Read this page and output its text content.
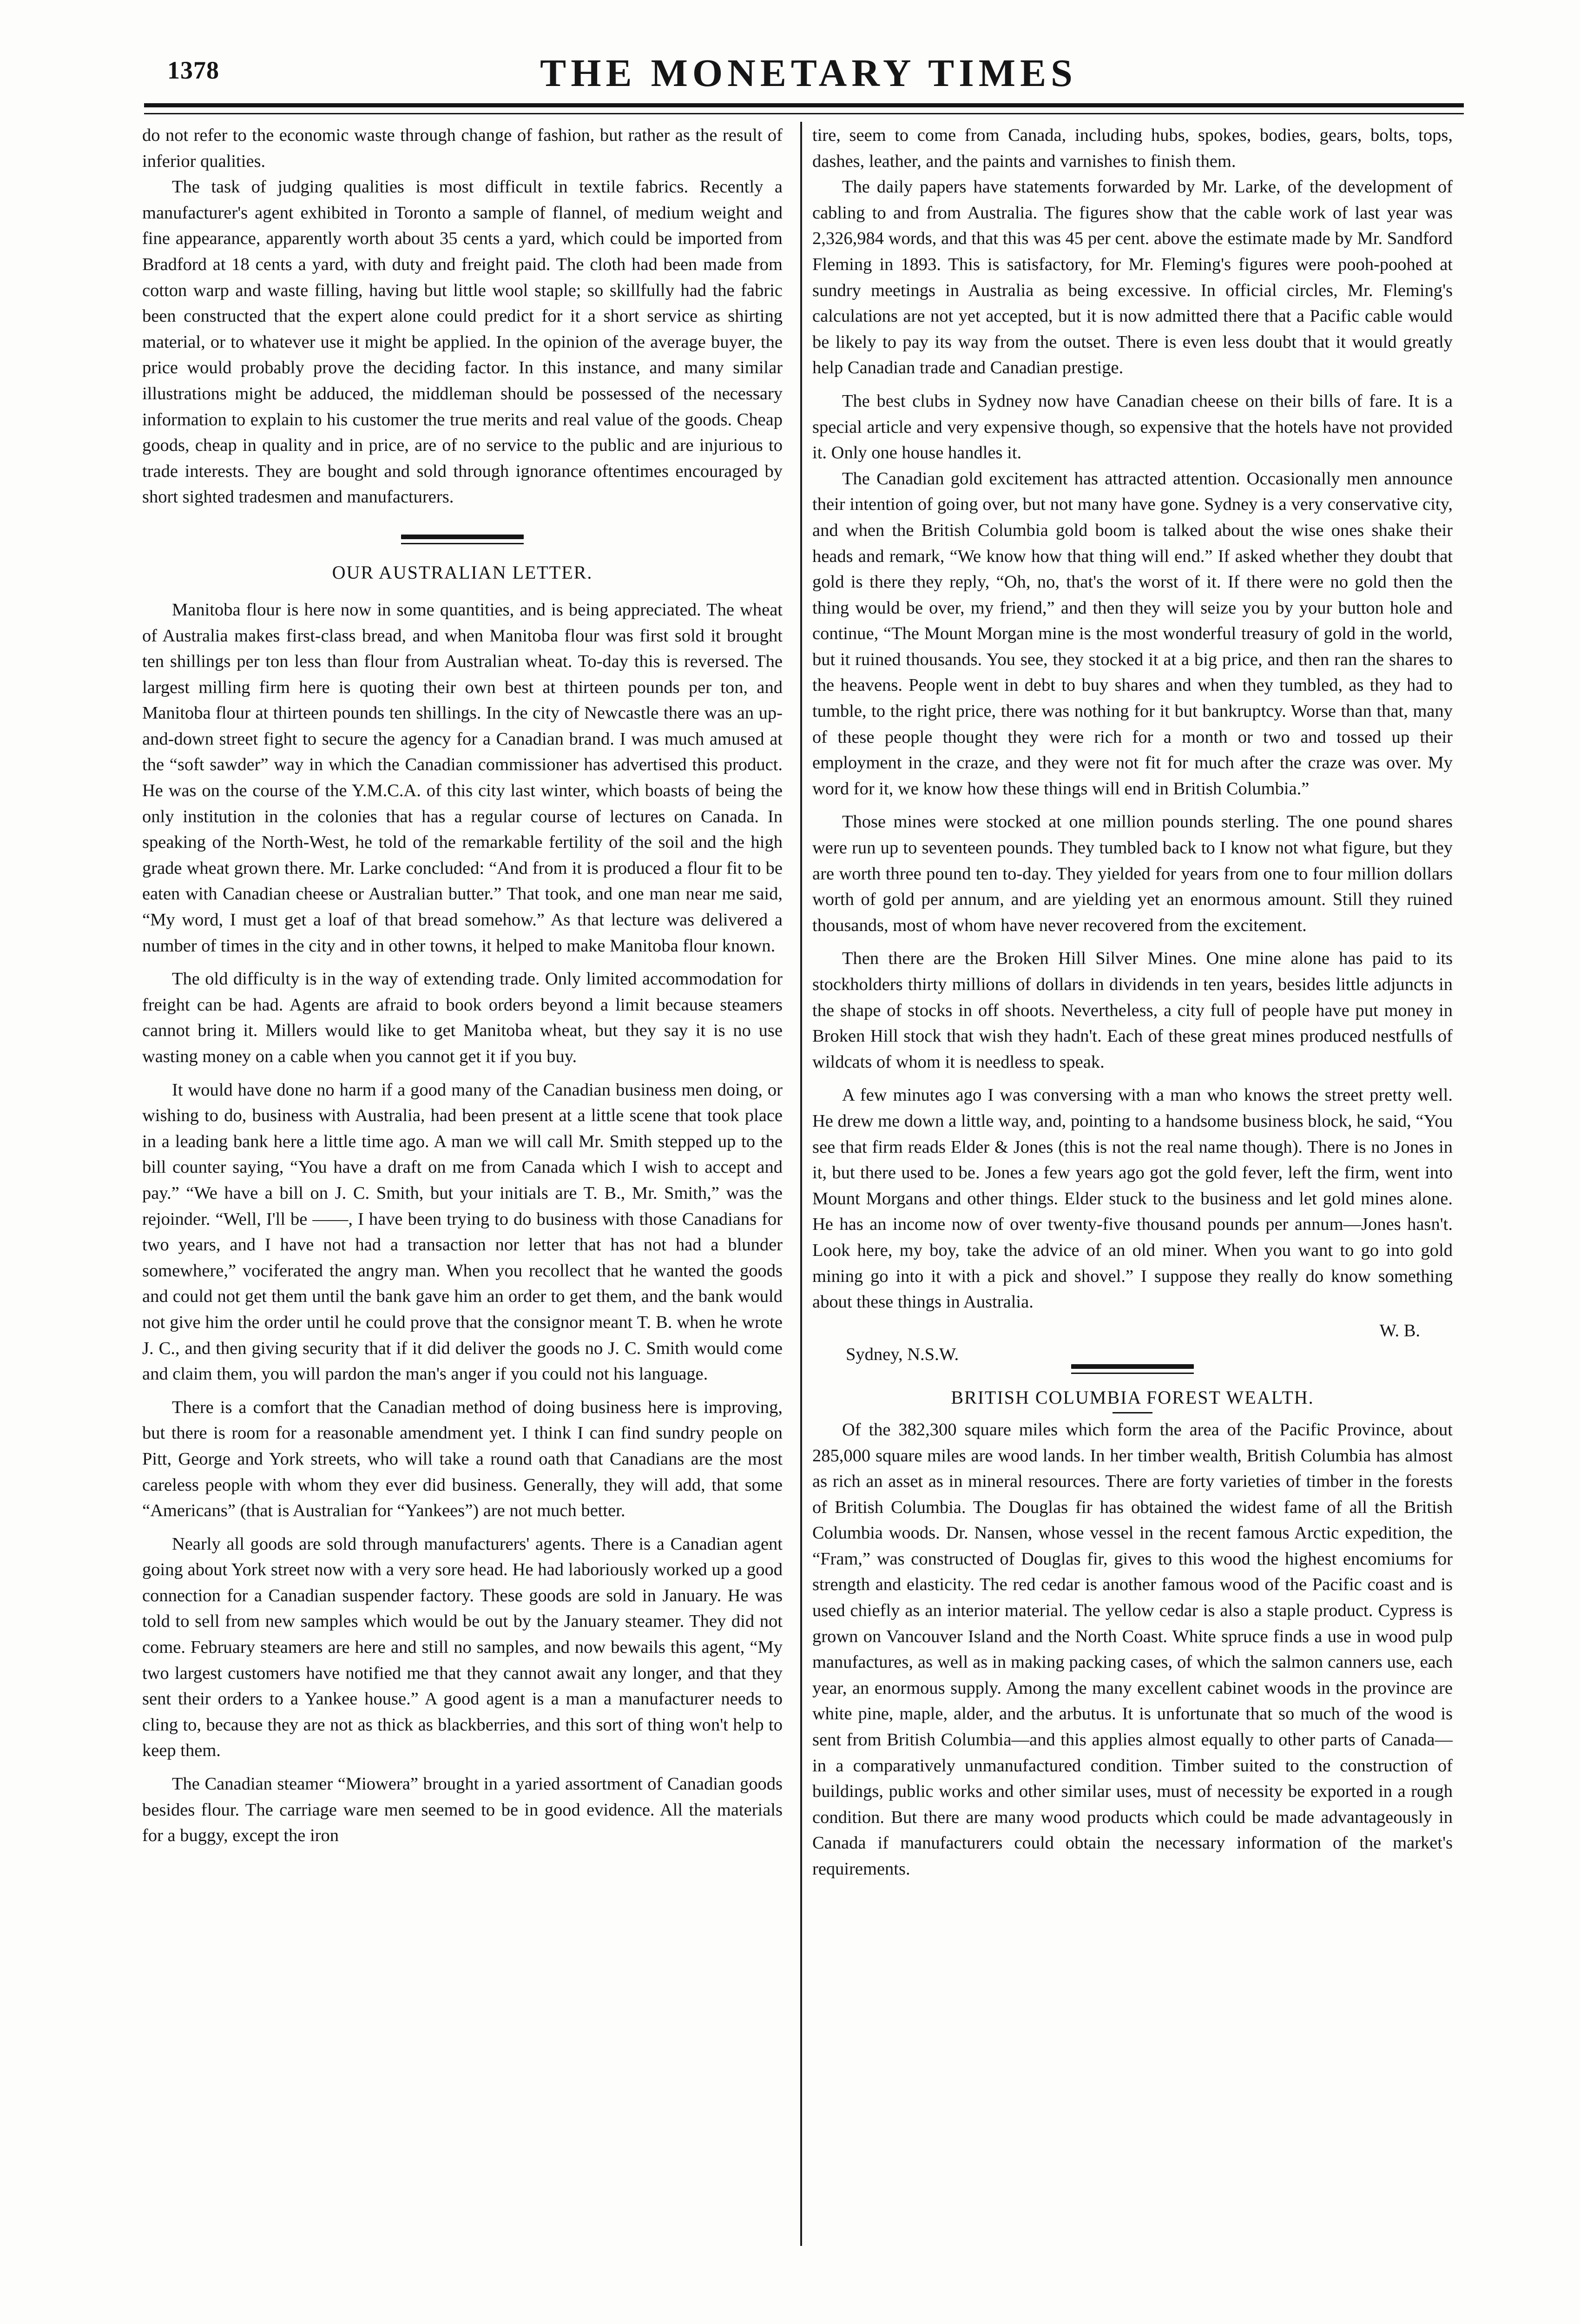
1378	THE MONETARY TIMES

do not refer to the economic waste through change of fashion, but rather as the result of inferior qualities.

The task of judging qualities is most difficult in textile fabrics. Recently a manufacturer's agent exhibited in Toronto a sample of flannel, of medium weight and fine appearance, apparently worth about 35 cents a yard, which could be imported from Bradford at 18 cents a yard, with duty and freight paid. The cloth had been made from cotton warp and waste filling, having but little wool staple; so skillfully had the fabric been constructed that the expert alone could predict for it a short service as shirting material, or to whatever use it might be applied. In the opinion of the average buyer, the price would probably prove the deciding factor. In this instance, and many similar illustrations might be adduced, the middleman should be possessed of the necessary information to explain to his customer the true merits and real value of the goods. Cheap goods, cheap in quality and in price, are of no service to the public and are injurious to trade interests. They are bought and sold through ignorance oftentimes encouraged by short sighted tradesmen and manufacturers.

OUR AUSTRALIAN LETTER.

Manitoba flour is here now in some quantities, and is being appreciated. The wheat of Australia makes first-class bread, and when Manitoba flour was first sold it brought ten shillings per ton less than flour from Australian wheat. To-day this is reversed. The largest milling firm here is quoting their own best at thirteen pounds per ton, and Manitoba flour at thirteen pounds ten shillings. In the city of Newcastle there was an up-and-down street fight to secure the agency for a Canadian brand. I was much amused at the “soft sawder” way in which the Canadian commissioner has advertised this product. He was on the course of the Y.M.C.A. of this city last winter, which boasts of being the only institution in the colonies that has a regular course of lectures on Canada. In speaking of the North-West, he told of the remarkable fertility of the soil and the high grade wheat grown there. Mr. Larke concluded: “And from it is produced a flour fit to be eaten with Canadian cheese or Australian butter.” That took, and one man near me said, “My word, I must get a loaf of that bread somehow.” As that lecture was delivered a number of times in the city and in other towns, it helped to make Manitoba flour known.

The old difficulty is in the way of extending trade. Only limited accommodation for freight can be had. Agents are afraid to book orders beyond a limit because steamers cannot bring it. Millers would like to get Manitoba wheat, but they say it is no use wasting money on a cable when you cannot get it if you buy.

It would have done no harm if a good many of the Canadian business men doing, or wishing to do, business with Australia, had been present at a little scene that took place in a leading bank here a little time ago. A man we will call Mr. Smith stepped up to the bill counter saying, “You have a draft on me from Canada which I wish to accept and pay.” “We have a bill on J. C. Smith, but your initials are T. B., Mr. Smith,” was the rejoinder. “Well, I'll be ——, I have been trying to do business with those Canadians for two years, and I have not had a transaction nor letter that has not had a blunder somewhere,” vociferated the angry man. When you recollect that he wanted the goods and could not get them until the bank gave him an order to get them, and the bank would not give him the order until he could prove that the consignor meant T. B. when he wrote J. C., and then giving security that if it did deliver the goods no J. C. Smith would come and claim them, you will pardon the man's anger if you could not his language.

There is a comfort that the Canadian method of doing business here is improving, but there is room for a reasonable amendment yet. I think I can find sundry people on Pitt, George and York streets, who will take a round oath that Canadians are the most careless people with whom they ever did business. Generally, they will add, that some “Americans” (that is Australian for “Yankees”) are not much better.

Nearly all goods are sold through manufacturers' agents. There is a Canadian agent going about York street now with a very sore head. He had laboriously worked up a good connection for a Canadian suspender factory. These goods are sold in January. He was told to sell from new samples which would be out by the January steamer. They did not come. February steamers are here and still no samples, and now bewails this agent, “My two largest customers have notified me that they cannot await any longer, and that they sent their orders to a Yankee house.” A good agent is a man a manufacturer needs to cling to, because they are not as thick as blackberries, and this sort of thing won't help to keep them.

The Canadian steamer “Miowera” brought in a yaried assortment of Canadian goods besides flour. The carriage ware men seemed to be in good evidence. All the materials for a buggy, except the iron

tire, seem to come from Canada, including hubs, spokes, bodies, gears, bolts, tops, dashes, leather, and the paints and varnishes to finish them.

The daily papers have statements forwarded by Mr. Larke, of the development of cabling to and from Australia. The figures show that the cable work of last year was 2,326,984 words, and that this was 45 per cent. above the estimate made by Mr. Sandford Fleming in 1893. This is satisfactory, for Mr. Fleming's figures were pooh-poohed at sundry meetings in Australia as being excessive. In official circles, Mr. Fleming's calculations are not yet accepted, but it is now admitted there that a Pacific cable would be likely to pay its way from the outset. There is even less doubt that it would greatly help Canadian trade and Canadian prestige.

The best clubs in Sydney now have Canadian cheese on their bills of fare. It is a special article and very expensive though, so expensive that the hotels have not provided it. Only one house handles it.

The Canadian gold excitement has attracted attention. Occasionally men announce their intention of going over, but not many have gone. Sydney is a very conservative city, and when the British Columbia gold boom is talked about the wise ones shake their heads and remark, “We know how that thing will end.” If asked whether they doubt that gold is there they reply, “Oh, no, that's the worst of it. If there were no gold then the thing would be over, my friend,” and then they will seize you by your button hole and continue, “The Mount Morgan mine is the most wonderful treasury of gold in the world, but it ruined thousands. You see, they stocked it at a big price, and then ran the shares to the heavens. People went in debt to buy shares and when they tumbled, as they had to tumble, to the right price, there was nothing for it but bankruptcy. Worse than that, many of these people thought they were rich for a month or two and tossed up their employment in the craze, and they were not fit for much after the craze was over. My word for it, we know how these things will end in British Columbia.”

Those mines were stocked at one million pounds sterling. The one pound shares were run up to seventeen pounds. They tumbled back to I know not what figure, but they are worth three pound ten to-day. They yielded for years from one to four million dollars worth of gold per annum, and are yielding yet an enormous amount. Still they ruined thousands, most of whom have never recovered from the excitement.

Then there are the Broken Hill Silver Mines. One mine alone has paid to its stockholders thirty millions of dollars in dividends in ten years, besides little adjuncts in the shape of stocks in off shoots. Nevertheless, a city full of people have put money in Broken Hill stock that wish they hadn't. Each of these great mines produced nestfulls of wildcats of whom it is needless to speak.

A few minutes ago I was conversing with a man who knows the street pretty well. He drew me down a little way, and, pointing to a handsome business block, he said, “You see that firm reads Elder & Jones (this is not the real name though). There is no Jones in it, but there used to be. Jones a few years ago got the gold fever, left the firm, went into Mount Morgans and other things. Elder stuck to the business and let gold mines alone. He has an income now of over twenty-five thousand pounds per annum—Jones hasn't. Look here, my boy, take the advice of an old miner. When you want to go into gold mining go into it with a pick and shovel.” I suppose they really do know something about these things in Australia.

W. B.
Sydney, N.S.W.
BRITISH COLUMBIA FOREST WEALTH.

Of the 382,300 square miles which form the area of the Pacific Province, about 285,000 square miles are wood lands. In her timber wealth, British Columbia has almost as rich an asset as in mineral resources. There are forty varieties of timber in the forests of British Columbia. The Douglas fir has obtained the widest fame of all the British Columbia woods. Dr. Nansen, whose vessel in the recent famous Arctic expedition, the “Fram,” was constructed of Douglas fir, gives to this wood the highest encomiums for strength and elasticity. The red cedar is another famous wood of the Pacific coast and is used chiefly as an interior material. The yellow cedar is also a staple product. Cypress is grown on Vancouver Island and the North Coast. White spruce finds a use in wood pulp manufactures, as well as in making packing cases, of which the salmon canners use, each year, an enormous supply. Among the many excellent cabinet woods in the province are white pine, maple, alder, and the arbutus. It is unfortunate that so much of the wood is sent from British Columbia—and this applies almost equally to other parts of Canada—in a comparatively unmanufactured condition. Timber suited to the construction of buildings, public works and other similar uses, must of necessity be exported in a rough condition. But there are many wood products which could be made advantageously in Canada if manufacturers could obtain the necessary information of the market's requirements.
